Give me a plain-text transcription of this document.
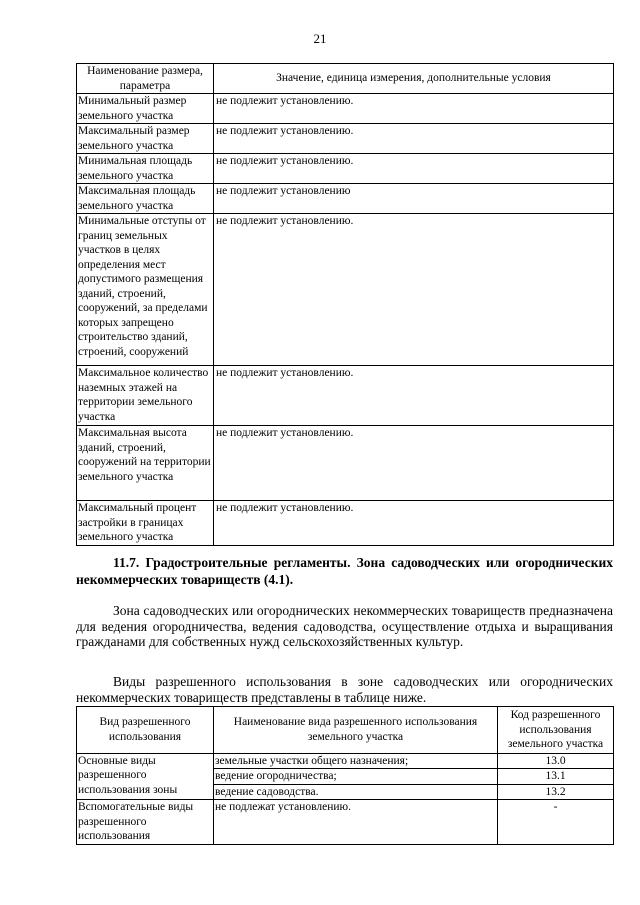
21
Наименование размера, параметра	Значение, единица измерения, дополнительные условия
Минимальный размер земельного участка	не подлежит установлению.
Максимальный размер земельного участка	не подлежит установлению.
Минимальная площадь земельного участка	не подлежит установлению.
Максимальная площадь земельного участка	не подлежит установлению
Минимальные отступы от границ земельных участков в целях определения мест допустимого размещения зданий, строений, сооружений, за пределами которых запрещено строительство зданий, строений, сооружений	не подлежит установлению.
Максимальное количество наземных этажей на территории земельного участка	не подлежит установлению.
Максимальная высота зданий, строений, сооружений на территории земельного участка	не подлежит установлению.
Максимальный процент застройки в границах земельного участка	не подлежит установлению.
11.7. Градостроительные регламенты. Зона садоводческих или огороднических некоммерческих товариществ (4.1).
Зона садоводческих или огороднических некоммерческих товариществ предназначена для ведения огородничества, ведения садоводства, осуществление отдыха и выращивания гражданами для собственных нужд сельскохозяйственных культур.
Виды разрешенного использования в зоне садоводческих или огороднических некоммерческих товариществ представлены в таблице ниже.
Вид разрешенного использования	Наименование вида разрешенного использования земельного участка	Код разрешенного использования земельного участка
Основные виды разрешенного использования зоны	земельные участки общего назначения;	13.0
	ведение огородничества;	13.1
	ведение садоводства.	13.2
Вспомогательные виды разрешенного использования	не подлежат установлению.	-
